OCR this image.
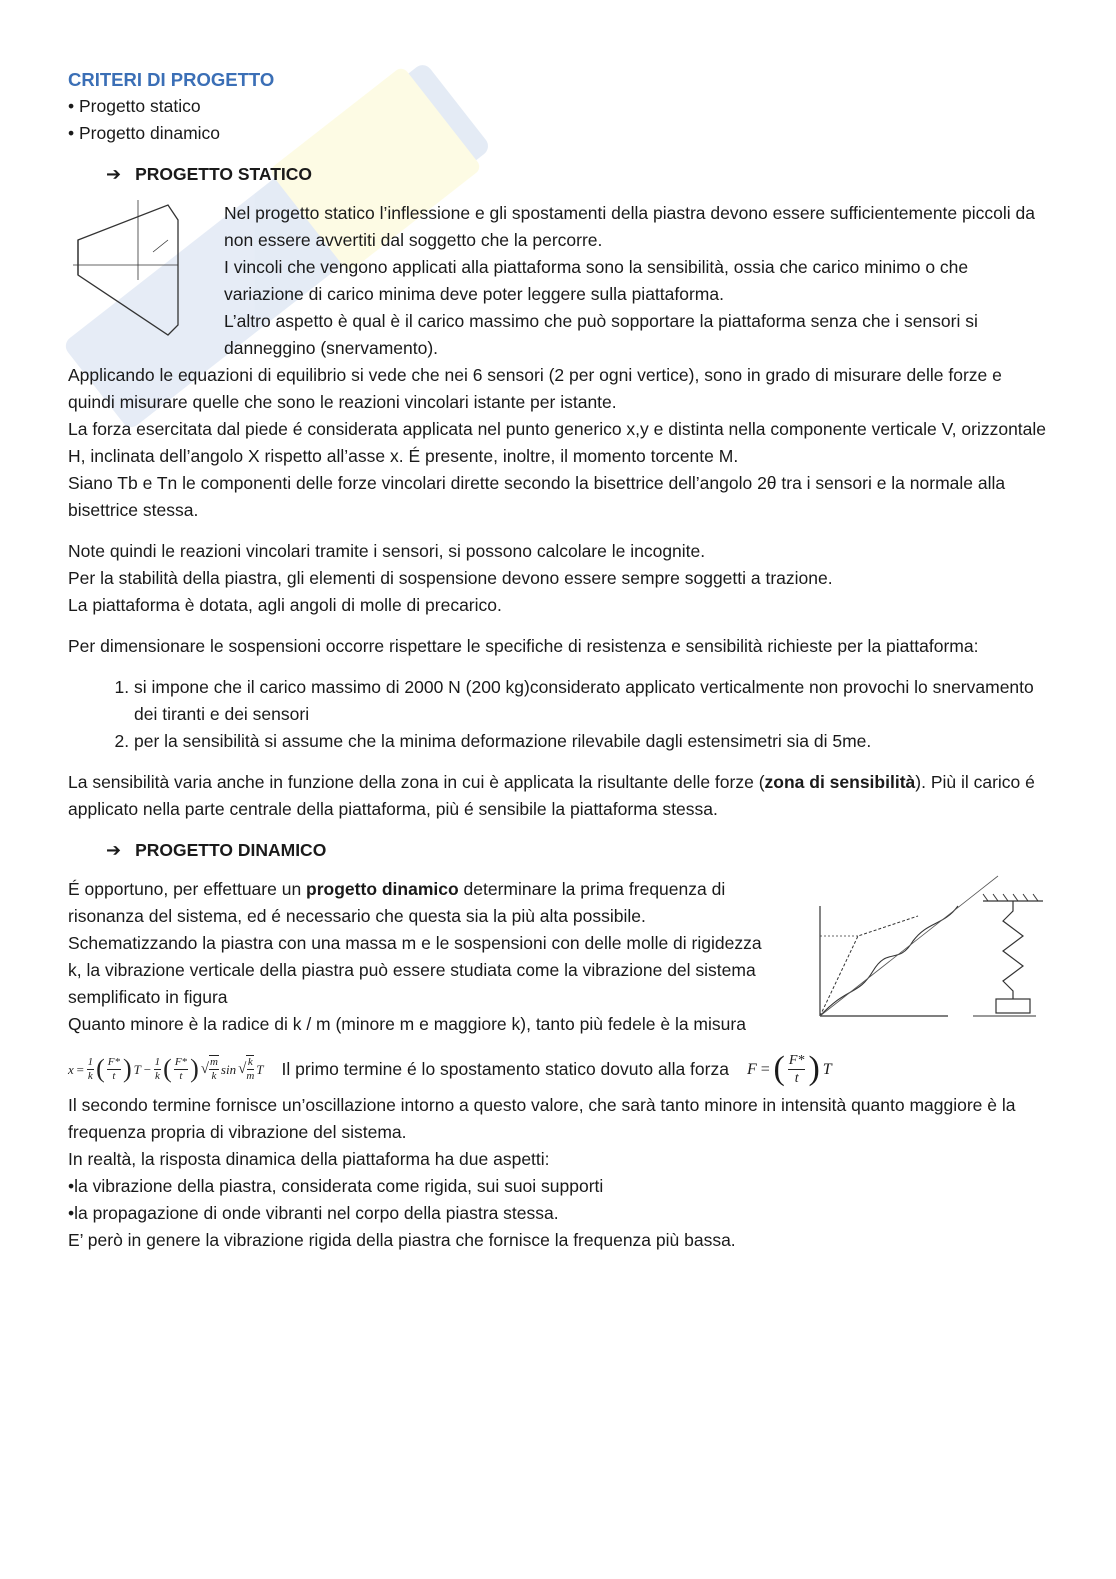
CRITERI DI PROGETTO

• Progetto statico

• Progetto dinamico

➔ PROGETTO STATICO

Nel progetto statico l’inflessione e gli spostamenti della piastra devono essere sufficientemente piccoli da non essere avvertiti dal soggetto che la percorre.

I vincoli che vengono applicati alla piattaforma sono la sensibilità, ossia che carico minimo o che variazione di carico minima deve poter leggere sulla piattaforma.

L’altro aspetto è qual è il carico massimo che può sopportare la piattaforma senza che i sensori si danneggino (snervamento).

Applicando le equazioni di equilibrio si vede che nei 6 sensori (2 per ogni vertice), sono in grado di misurare delle forze e quindi misurare quelle che sono le reazioni vincolari istante per istante.

La forza esercitata dal piede é considerata applicata nel punto generico x,y e distinta nella componente verticale V, orizzontale H, inclinata dell’angolo X rispetto all’asse x. É presente, inoltre, il momento torcente M.

Siano Tb e Tn le componenti delle forze vincolari dirette secondo la bisettrice dell’angolo 2θ tra i sensori e la normale alla bisettrice stessa.

Note quindi le reazioni vincolari tramite i sensori, si possono calcolare le incognite.

Per la stabilità della piastra, gli elementi di sospensione devono essere sempre soggetti a trazione.

La piattaforma è dotata, agli angoli di molle di precarico.

Per dimensionare le sospensioni occorre rispettare le specifiche di resistenza e sensibilità richieste per la piattaforma:

1. si impone che il carico massimo di 2000 N (200 kg)considerato applicato verticalmente non provochi lo snervamento dei tiranti e dei sensori
2. per la sensibilità si assume che la minima deformazione rilevabile dagli estensimetri sia di 5me.

La sensibilità varia anche in funzione della zona in cui è applicata la risultante delle forze (zona di sensibilità). Più il carico é applicato nella parte centrale della piattaforma, più é sensibile la piattaforma stessa.

➔ PROGETTO DINAMICO

É opportuno, per effettuare un progetto dinamico determinare la prima frequenza di risonanza del sistema, ed é necessario che questa sia la più alta possibile.

Schematizzando la piastra con una massa m e le sospensioni con delle molle di rigidezza k, la vibrazione verticale della piastra può essere studiata come la vibrazione del sistema semplificato in figura

Quanto minore è la radice di k / m (minore m e maggiore k), tanto più fedele è la misura

$x = \frac{1}{k}$ ( $\frac{F*}{t}$ ) $T - \frac{1}{k}$ ( $\frac{F*}{t}$ ) √ $\frac{m}{k}$ sin √ $\frac{k}{m}$ T Il primo termine é lo spostamento statico dovuto alla forza F = ( $\frac{F*}{t}$ ) T

Il secondo termine fornisce un’oscillazione intorno a questo valore, che sarà tanto minore in intensità quanto maggiore è la frequenza propria di vibrazione del sistema.

In realtà, la risposta dinamica della piattaforma ha due aspetti:

•la vibrazione della piastra, considerata come rigida, sui suoi supporti

•la propagazione di onde vibranti nel corpo della piastra stessa.

E’ però in genere la vibrazione rigida della piastra che fornisce la frequenza più bassa.
